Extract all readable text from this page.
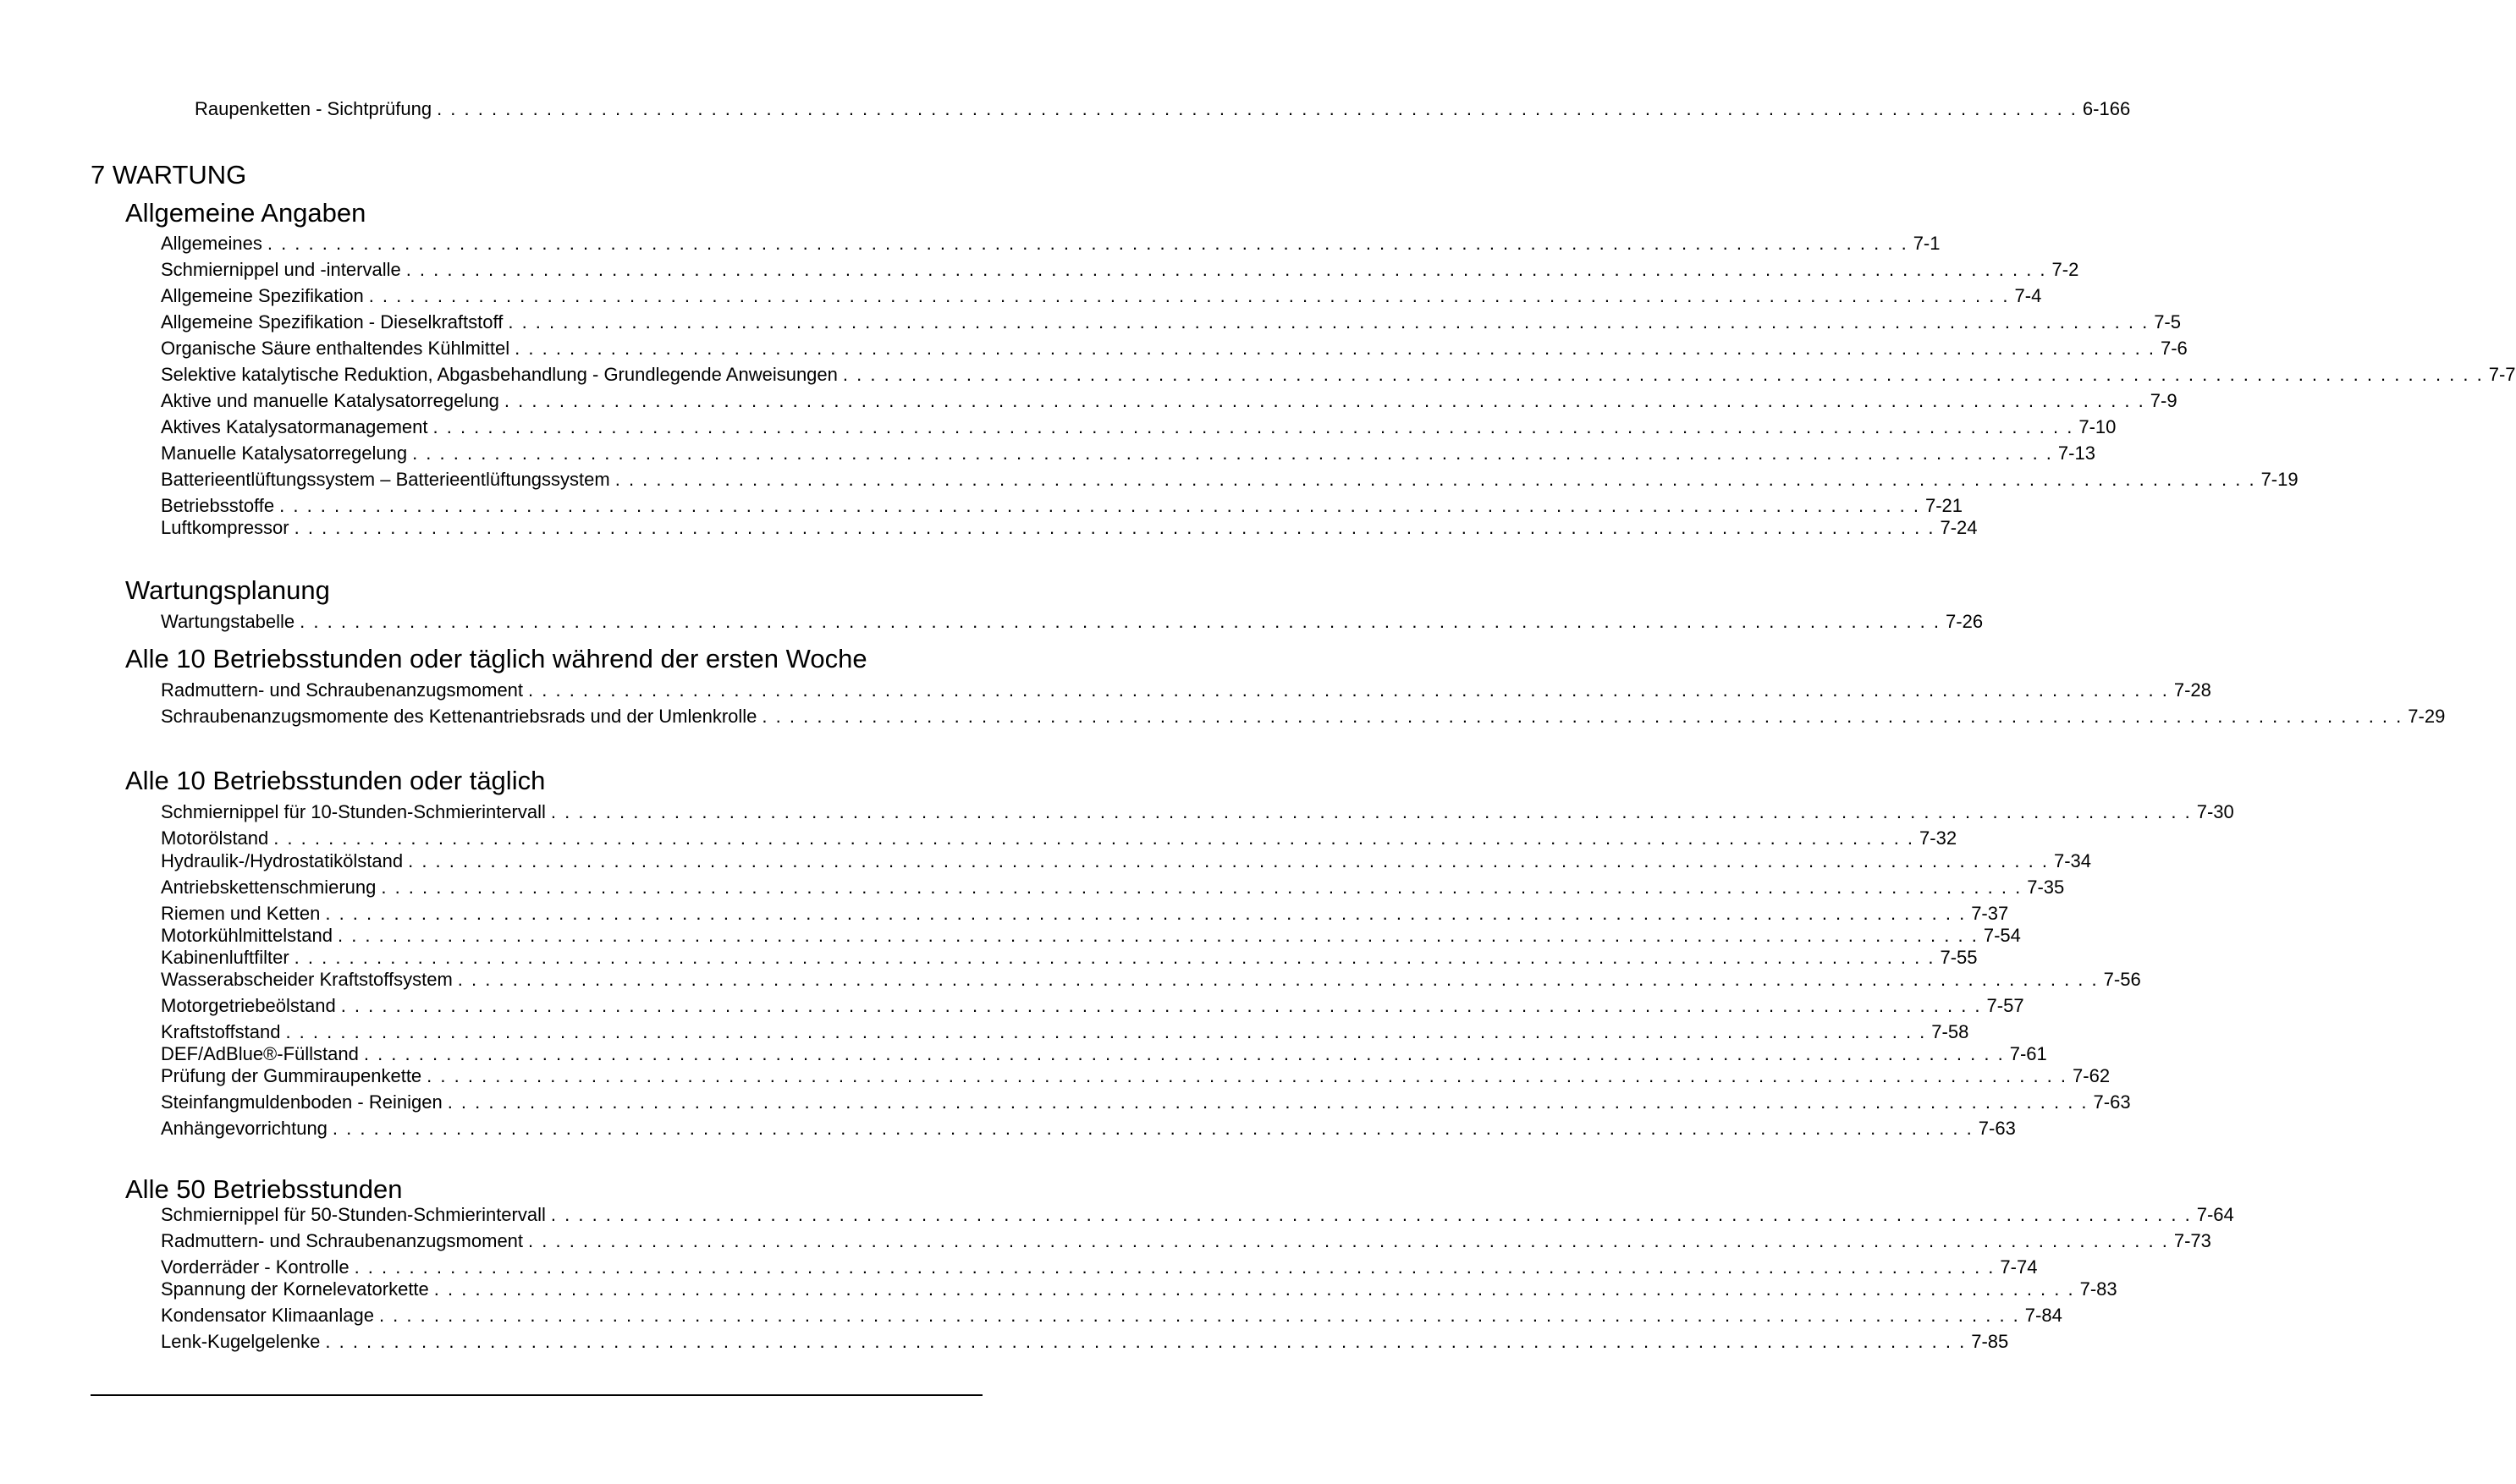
Raupenketten - Sichtprüfung . . . . . . . . . . . . . . . . . . . . . . . . . . . . . . . . . . . . . . . . . . . . . . . . . . . . . . . . . . . . . . . . . . . . . . . . . . . . . . . . . . . . . . . . . . . . . . . . . . . . . . . . . . . . . . . . . . . . . . . . 6-166
7 WARTUNG
Allgemeine Angaben
Allgemeines . . . . . . . . . . . . . . . . . . . . . . . . . . . . . . . . . . . . . . . . . . . . . . . . . . . . . . . . . . . . . . . . . . . . . . . . . . . . . . . . . . . . . . . . . . . . . . . . . . . . . . . . . . . . . . . . . . . . . . . . 7-1
Schmiernippel und -intervalle . . . . . . . . . . . . . . . . . . . . . . . . . . . . . . . . . . . . . . . . . . . . . . . . . . . . . . . . . . . . . . . . . . . . . . . . . . . . . . . . . . . . . . . . . . . . . . . . . . . . . . . . . . . . . . . . . . . . . . . . 7-2
Allgemeine Spezifikation . . . . . . . . . . . . . . . . . . . . . . . . . . . . . . . . . . . . . . . . . . . . . . . . . . . . . . . . . . . . . . . . . . . . . . . . . . . . . . . . . . . . . . . . . . . . . . . . . . . . . . . . . . . . . . . . . . . . . . . . 7-4
Allgemeine Spezifikation - Dieselkraftstoff . . . . . . . . . . . . . . . . . . . . . . . . . . . . . . . . . . . . . . . . . . . . . . . . . . . . . . . . . . . . . . . . . . . . . . . . . . . . . . . . . . . . . . . . . . . . . . . . . . . . . . . . . . . . . . . . . . . . . . . . 7-5
Organische Säure enthaltendes Kühlmittel . . . . . . . . . . . . . . . . . . . . . . . . . . . . . . . . . . . . . . . . . . . . . . . . . . . . . . . . . . . . . . . . . . . . . . . . . . . . . . . . . . . . . . . . . . . . . . . . . . . . . . . . . . . . . . . . . . . . . . . . 7-6
Selektive katalytische Reduktion, Abgasbehandlung - Grundlegende Anweisungen . . . . . . . . . . . . . . . . . . . . . . . . . . . . . . . . . . . . . . . . . . . . . . . . . . . . . . . . . . . . . . . . . . . . . . . . . . . . . . . . . . . . . . . . . . . . . . . . . . . . . . . . . . . . . . . . . . . . . . . . 7-7
Aktive und manuelle Katalysatorregelung . . . . . . . . . . . . . . . . . . . . . . . . . . . . . . . . . . . . . . . . . . . . . . . . . . . . . . . . . . . . . . . . . . . . . . . . . . . . . . . . . . . . . . . . . . . . . . . . . . . . . . . . . . . . . . . . . . . . . . . . 7-9
Aktives Katalysatormanagement . . . . . . . . . . . . . . . . . . . . . . . . . . . . . . . . . . . . . . . . . . . . . . . . . . . . . . . . . . . . . . . . . . . . . . . . . . . . . . . . . . . . . . . . . . . . . . . . . . . . . . . . . . . . . . . . . . . . . . . . 7-10
Manuelle Katalysatorregelung . . . . . . . . . . . . . . . . . . . . . . . . . . . . . . . . . . . . . . . . . . . . . . . . . . . . . . . . . . . . . . . . . . . . . . . . . . . . . . . . . . . . . . . . . . . . . . . . . . . . . . . . . . . . . . . . . . . . . . . . 7-13
Batterieentlüftungssystem – Batterieentlüftungssystem . . . . . . . . . . . . . . . . . . . . . . . . . . . . . . . . . . . . . . . . . . . . . . . . . . . . . . . . . . . . . . . . . . . . . . . . . . . . . . . . . . . . . . . . . . . . . . . . . . . . . . . . . . . . . . . . . . . . . . . . 7-19
Betriebsstoffe . . . . . . . . . . . . . . . . . . . . . . . . . . . . . . . . . . . . . . . . . . . . . . . . . . . . . . . . . . . . . . . . . . . . . . . . . . . . . . . . . . . . . . . . . . . . . . . . . . . . . . . . . . . . . . . . . . . . . . . . 7-21
Luftkompressor . . . . . . . . . . . . . . . . . . . . . . . . . . . . . . . . . . . . . . . . . . . . . . . . . . . . . . . . . . . . . . . . . . . . . . . . . . . . . . . . . . . . . . . . . . . . . . . . . . . . . . . . . . . . . . . . . . . . . . . . 7-24
Wartungsplanung
Wartungstabelle . . . . . . . . . . . . . . . . . . . . . . . . . . . . . . . . . . . . . . . . . . . . . . . . . . . . . . . . . . . . . . . . . . . . . . . . . . . . . . . . . . . . . . . . . . . . . . . . . . . . . . . . . . . . . . . . . . . . . . . . 7-26
Alle 10 Betriebsstunden oder täglich während der ersten Woche
Radmuttern- und Schraubenanzugsmoment . . . . . . . . . . . . . . . . . . . . . . . . . . . . . . . . . . . . . . . . . . . . . . . . . . . . . . . . . . . . . . . . . . . . . . . . . . . . . . . . . . . . . . . . . . . . . . . . . . . . . . . . . . . . . . . . . . . . . . . . 7-28
Schraubenanzugsmomente des Kettenantriebsrads und der Umlenkrolle . . . . . . . . . . . . . . . . . . . . . . . . . . . . . . . . . . . . . . . . . . . . . . . . . . . . . . . . . . . . . . . . . . . . . . . . . . . . . . . . . . . . . . . . . . . . . . . . . . . . . . . . . . . . . . . . . . . . . . . . 7-29
Alle 10 Betriebsstunden oder täglich
Schmiernippel für 10-Stunden-Schmierintervall . . . . . . . . . . . . . . . . . . . . . . . . . . . . . . . . . . . . . . . . . . . . . . . . . . . . . . . . . . . . . . . . . . . . . . . . . . . . . . . . . . . . . . . . . . . . . . . . . . . . . . . . . . . . . . . . . . . . . . . . 7-30
Motorölstand . . . . . . . . . . . . . . . . . . . . . . . . . . . . . . . . . . . . . . . . . . . . . . . . . . . . . . . . . . . . . . . . . . . . . . . . . . . . . . . . . . . . . . . . . . . . . . . . . . . . . . . . . . . . . . . . . . . . . . . . 7-32
Hydraulik-/Hydrostatikölstand . . . . . . . . . . . . . . . . . . . . . . . . . . . . . . . . . . . . . . . . . . . . . . . . . . . . . . . . . . . . . . . . . . . . . . . . . . . . . . . . . . . . . . . . . . . . . . . . . . . . . . . . . . . . . . . . . . . . . . . . 7-34
Antriebskettenschmierung . . . . . . . . . . . . . . . . . . . . . . . . . . . . . . . . . . . . . . . . . . . . . . . . . . . . . . . . . . . . . . . . . . . . . . . . . . . . . . . . . . . . . . . . . . . . . . . . . . . . . . . . . . . . . . . . . . . . . . . . 7-35
Riemen und Ketten . . . . . . . . . . . . . . . . . . . . . . . . . . . . . . . . . . . . . . . . . . . . . . . . . . . . . . . . . . . . . . . . . . . . . . . . . . . . . . . . . . . . . . . . . . . . . . . . . . . . . . . . . . . . . . . . . . . . . . . . 7-37
Motorkühlmittelstand . . . . . . . . . . . . . . . . . . . . . . . . . . . . . . . . . . . . . . . . . . . . . . . . . . . . . . . . . . . . . . . . . . . . . . . . . . . . . . . . . . . . . . . . . . . . . . . . . . . . . . . . . . . . . . . . . . . . . . . . 7-54
Kabinenluftfilter . . . . . . . . . . . . . . . . . . . . . . . . . . . . . . . . . . . . . . . . . . . . . . . . . . . . . . . . . . . . . . . . . . . . . . . . . . . . . . . . . . . . . . . . . . . . . . . . . . . . . . . . . . . . . . . . . . . . . . . . 7-55
Wasserabscheider Kraftstoffsystem . . . . . . . . . . . . . . . . . . . . . . . . . . . . . . . . . . . . . . . . . . . . . . . . . . . . . . . . . . . . . . . . . . . . . . . . . . . . . . . . . . . . . . . . . . . . . . . . . . . . . . . . . . . . . . . . . . . . . . . . 7-56
Motorgetriebeölstand . . . . . . . . . . . . . . . . . . . . . . . . . . . . . . . . . . . . . . . . . . . . . . . . . . . . . . . . . . . . . . . . . . . . . . . . . . . . . . . . . . . . . . . . . . . . . . . . . . . . . . . . . . . . . . . . . . . . . . . . 7-57
Kraftstoffstand . . . . . . . . . . . . . . . . . . . . . . . . . . . . . . . . . . . . . . . . . . . . . . . . . . . . . . . . . . . . . . . . . . . . . . . . . . . . . . . . . . . . . . . . . . . . . . . . . . . . . . . . . . . . . . . . . . . . . . . . 7-58
DEF/AdBlue®-Füllstand . . . . . . . . . . . . . . . . . . . . . . . . . . . . . . . . . . . . . . . . . . . . . . . . . . . . . . . . . . . . . . . . . . . . . . . . . . . . . . . . . . . . . . . . . . . . . . . . . . . . . . . . . . . . . . . . . . . . . . . . 7-61
Prüfung der Gummiraupenkette . . . . . . . . . . . . . . . . . . . . . . . . . . . . . . . . . . . . . . . . . . . . . . . . . . . . . . . . . . . . . . . . . . . . . . . . . . . . . . . . . . . . . . . . . . . . . . . . . . . . . . . . . . . . . . . . . . . . . . . . 7-62
Steinfangmuldenboden - Reinigen . . . . . . . . . . . . . . . . . . . . . . . . . . . . . . . . . . . . . . . . . . . . . . . . . . . . . . . . . . . . . . . . . . . . . . . . . . . . . . . . . . . . . . . . . . . . . . . . . . . . . . . . . . . . . . . . . . . . . . . . 7-63
Anhängevorrichtung . . . . . . . . . . . . . . . . . . . . . . . . . . . . . . . . . . . . . . . . . . . . . . . . . . . . . . . . . . . . . . . . . . . . . . . . . . . . . . . . . . . . . . . . . . . . . . . . . . . . . . . . . . . . . . . . . . . . . . . . 7-63
Alle 50 Betriebsstunden
Schmiernippel für 50-Stunden-Schmierintervall . . . . . . . . . . . . . . . . . . . . . . . . . . . . . . . . . . . . . . . . . . . . . . . . . . . . . . . . . . . . . . . . . . . . . . . . . . . . . . . . . . . . . . . . . . . . . . . . . . . . . . . . . . . . . . . . . . . . . . . . 7-64
Radmuttern- und Schraubenanzugsmoment . . . . . . . . . . . . . . . . . . . . . . . . . . . . . . . . . . . . . . . . . . . . . . . . . . . . . . . . . . . . . . . . . . . . . . . . . . . . . . . . . . . . . . . . . . . . . . . . . . . . . . . . . . . . . . . . . . . . . . . . 7-73
Vorderräder - Kontrolle . . . . . . . . . . . . . . . . . . . . . . . . . . . . . . . . . . . . . . . . . . . . . . . . . . . . . . . . . . . . . . . . . . . . . . . . . . . . . . . . . . . . . . . . . . . . . . . . . . . . . . . . . . . . . . . . . . . . . . . . 7-74
Spannung der Kornelevatorkette . . . . . . . . . . . . . . . . . . . . . . . . . . . . . . . . . . . . . . . . . . . . . . . . . . . . . . . . . . . . . . . . . . . . . . . . . . . . . . . . . . . . . . . . . . . . . . . . . . . . . . . . . . . . . . . . . . . . . . . . 7-83
Kondensator Klimaanlage . . . . . . . . . . . . . . . . . . . . . . . . . . . . . . . . . . . . . . . . . . . . . . . . . . . . . . . . . . . . . . . . . . . . . . . . . . . . . . . . . . . . . . . . . . . . . . . . . . . . . . . . . . . . . . . . . . . . . . . . 7-84
Lenk-Kugelgelenke . . . . . . . . . . . . . . . . . . . . . . . . . . . . . . . . . . . . . . . . . . . . . . . . . . . . . . . . . . . . . . . . . . . . . . . . . . . . . . . . . . . . . . . . . . . . . . . . . . . . . . . . . . . . . . . . . . . . . . . . 7-85
